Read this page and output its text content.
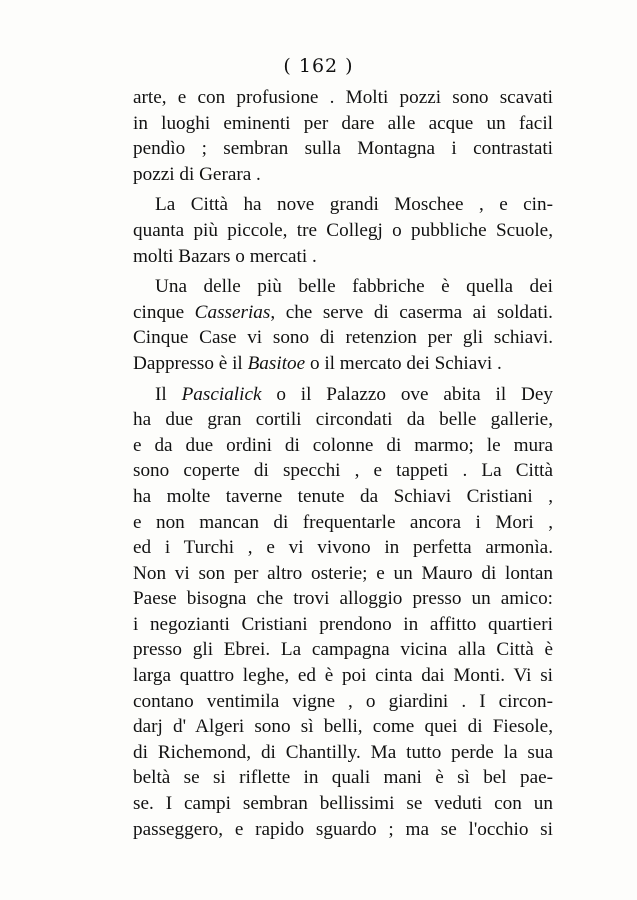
( 162 )
arte, e con profusione . Molti pozzi sono scavati
in luoghi eminenti per dare alle acque un facil
pendìo ; sembran sulla Montagna i contrastati
pozzi di Gerara .
La Città ha nove grandi Moschee , e cin-
quanta più piccole, tre Collegj o pubbliche Scuole,
molti Bazars o mercati .
Una delle più belle fabbriche è quella dei
cinque Casserias, che serve di caserma ai soldati.
Cinque Case vi sono di retenzion per gli schiavi.
Dappresso è il Basitoe o il mercato dei Schiavi .
Il Pascialick o il Palazzo ove abita il Dey
ha due gran cortili circondati da belle gallerie,
e da due ordini di colonne di marmo; le mura
sono coperte di specchi , e tappeti . La Città
ha molte taverne tenute da Schiavi Cristiani ,
e non mancan di frequentarle ancora i Mori ,
ed i Turchi , e vi vivono in perfetta armonìa.
Non vi son per altro osterie; e un Mauro di lontan
Paese bisogna che trovi alloggio presso un amico:
i negozianti Cristiani prendono in affitto quartieri
presso gli Ebrei. La campagna vicina alla Città è
larga quattro leghe, ed è poi cinta dai Monti. Vi si
contano ventimila vigne , o giardini . I circon-
darj d' Algeri sono sì belli, come quei di Fiesole,
di Richemond, di Chantilly. Ma tutto perde la sua
beltà se si riflette in quali mani è sì bel pae-
se. I campi sembran bellissimi se veduti con un
passeggero, e rapido sguardo ; ma se l'occhio si
